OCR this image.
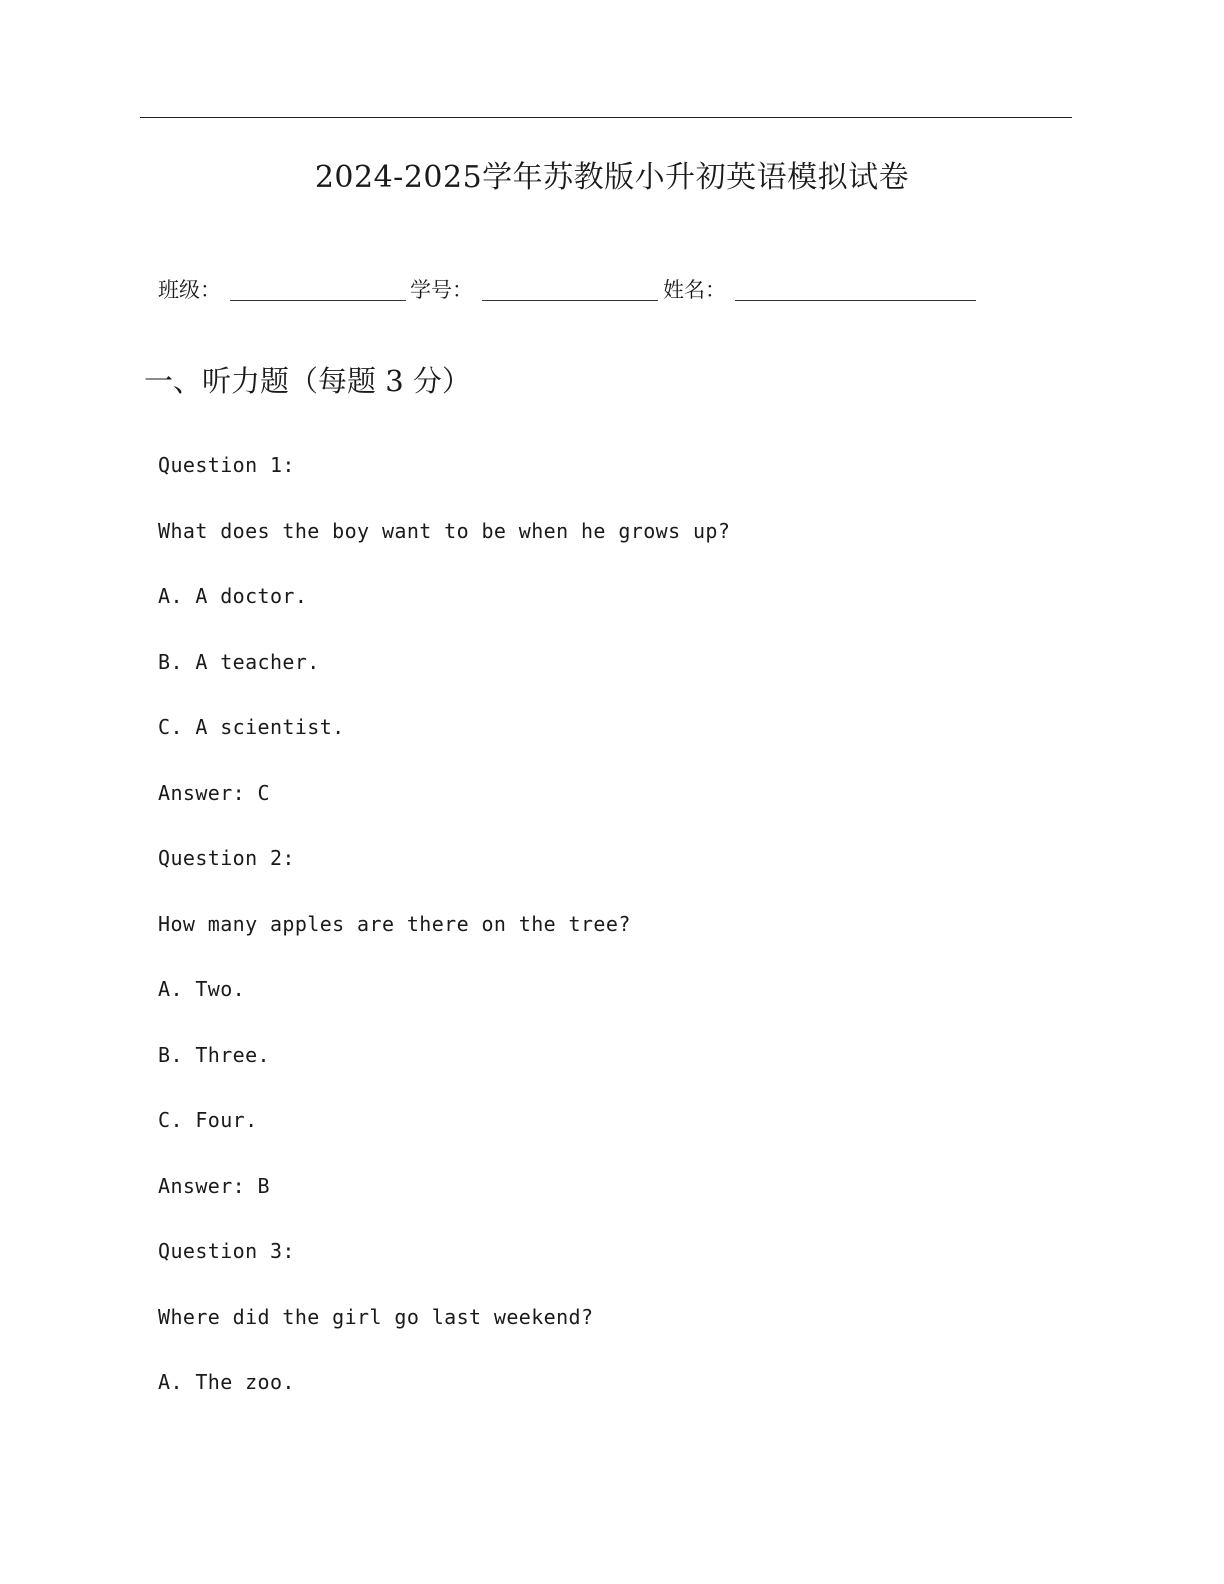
2024-2025学年苏教版小升初英语模拟试卷
班级：	学号：	姓名：
一、听力题（每题 3 分）
Question 1:
What does the boy want to be when he grows up?
A. A doctor.
B. A teacher.
C. A scientist.
Answer: C
Question 2:
How many apples are there on the tree?
A. Two.
B. Three.
C. Four.
Answer: B
Question 3:
Where did the girl go last weekend?
A. The zoo.
